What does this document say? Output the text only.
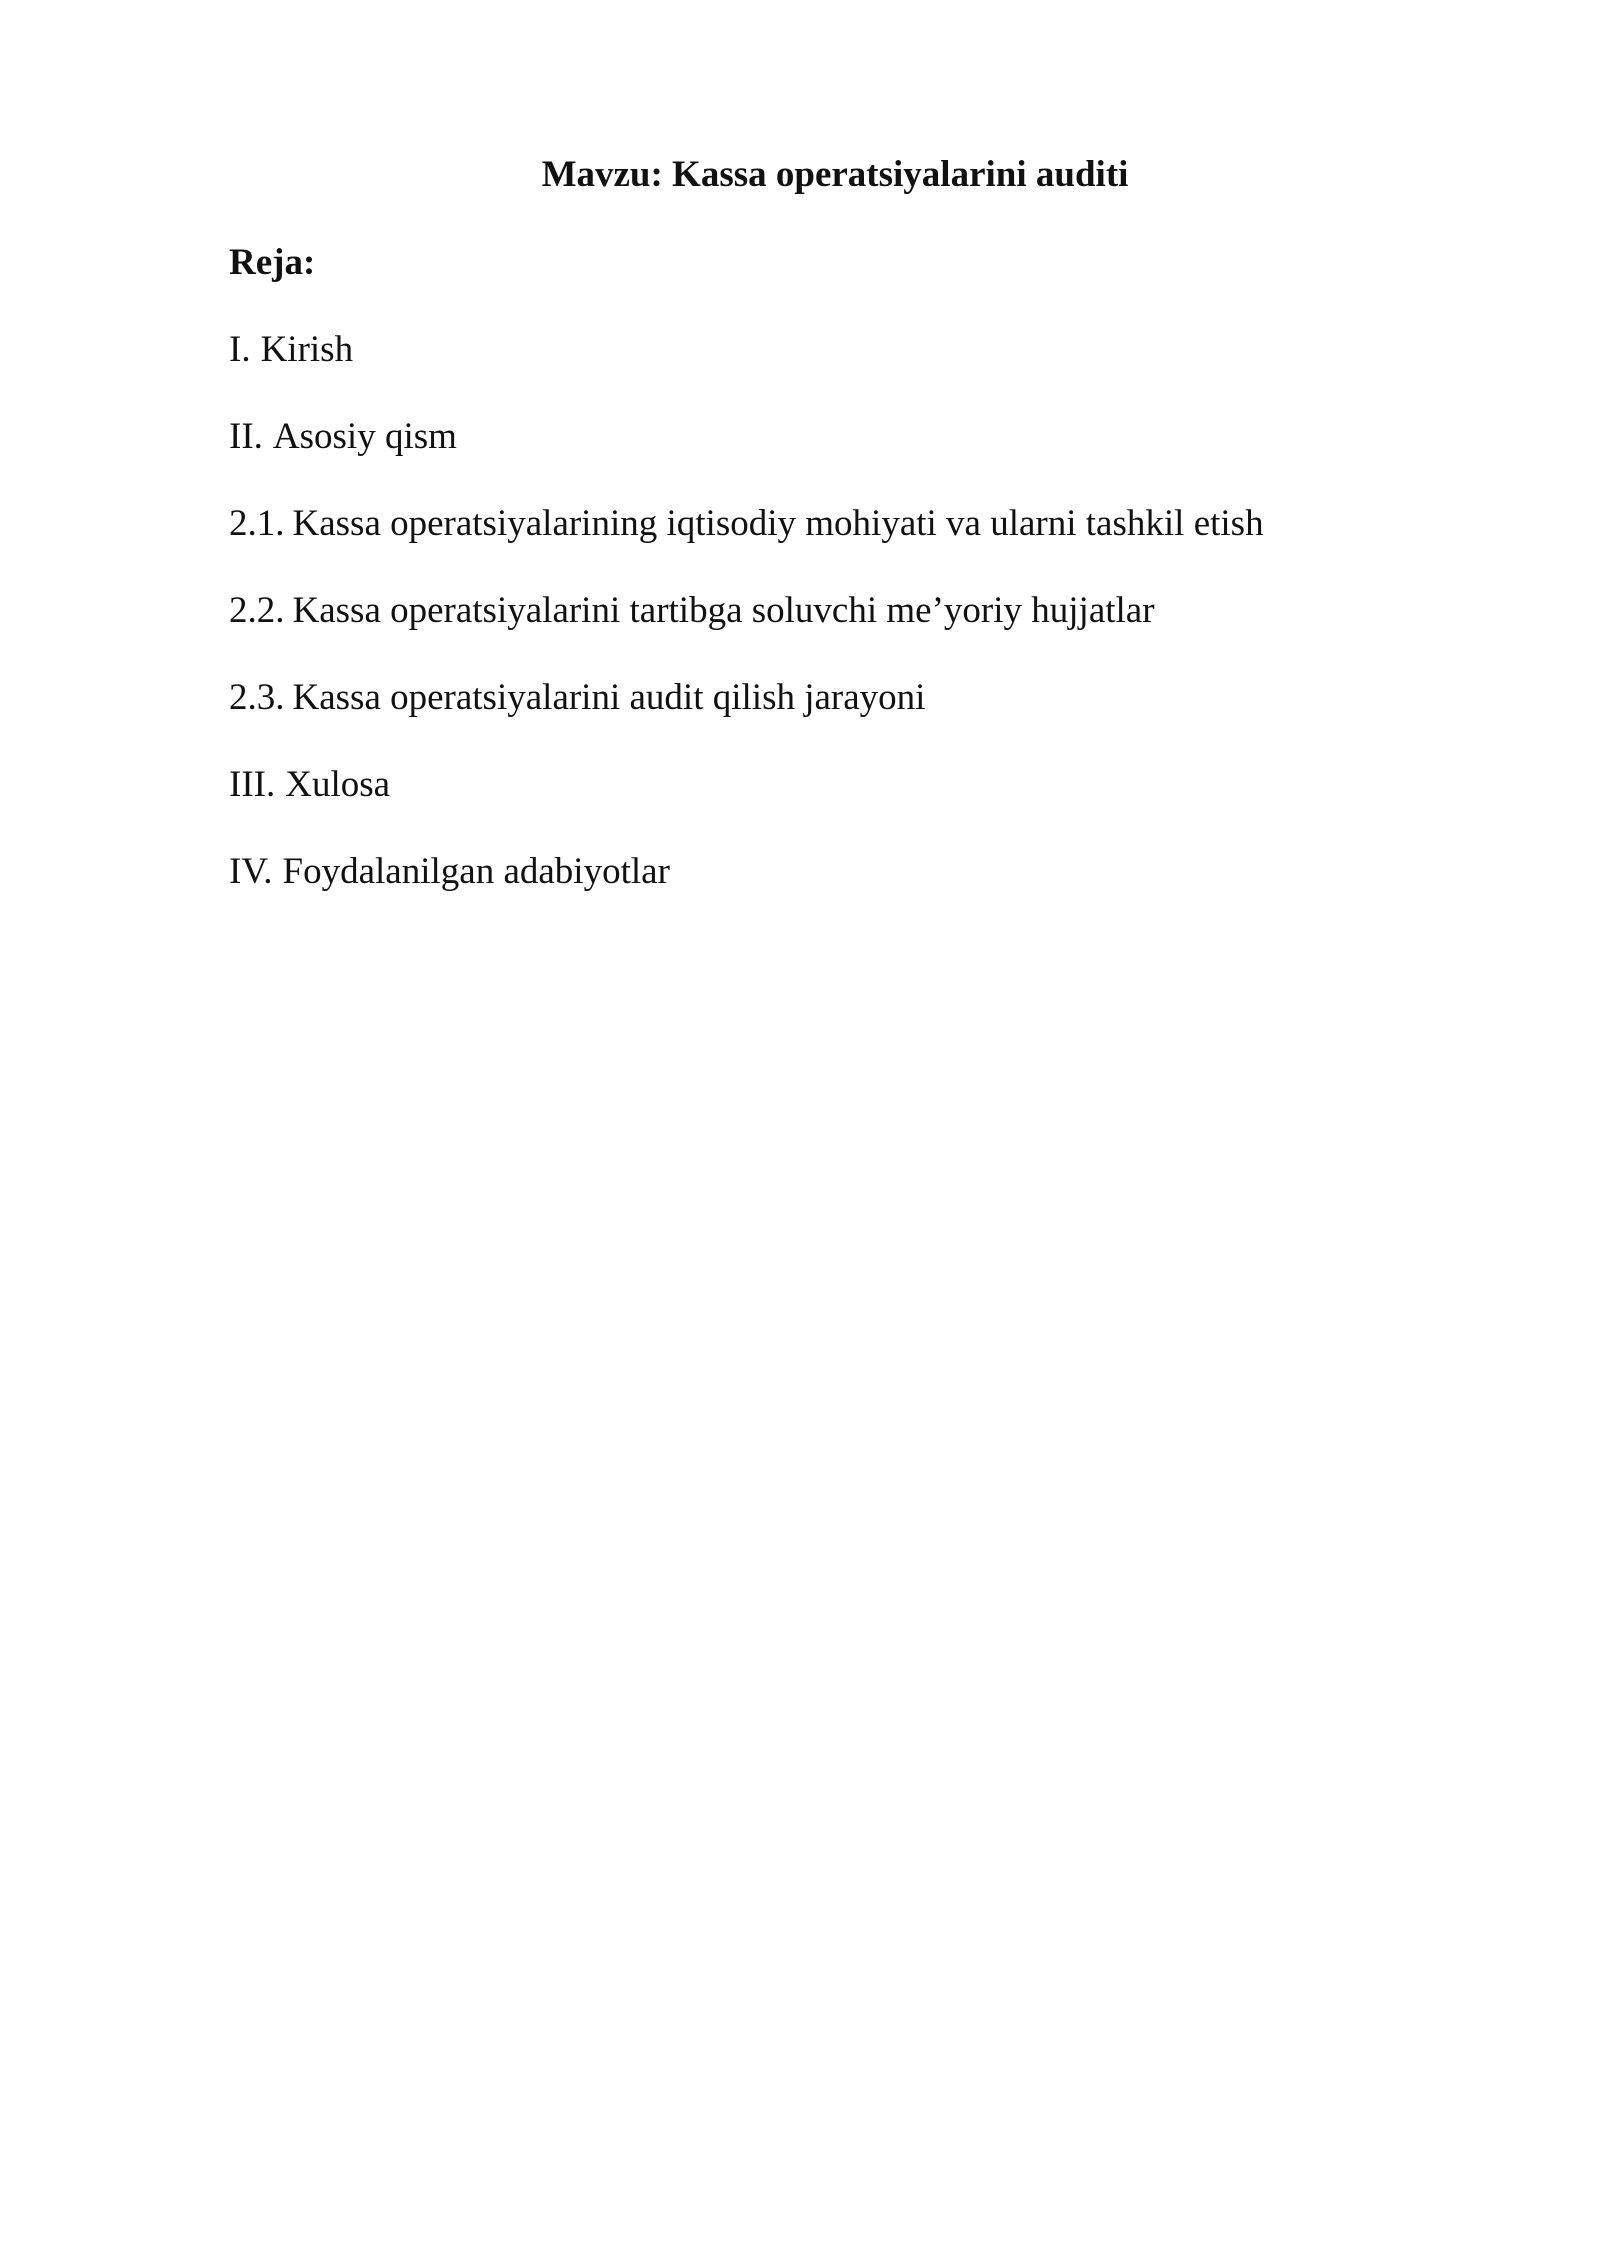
Mavzu: Kassa operatsiyalarini auditi
Reja:
I. Kirish
II. Asosiy qism
2.1. Kassa operatsiyalarining iqtisodiy mohiyati va ularni tashkil etish
2.2. Kassa operatsiyalarini tartibga soluvchi me’yoriy hujjatlar
2.3. Kassa operatsiyalarini audit qilish jarayoni
III. Xulosa
IV. Foydalanilgan adabiyotlar
